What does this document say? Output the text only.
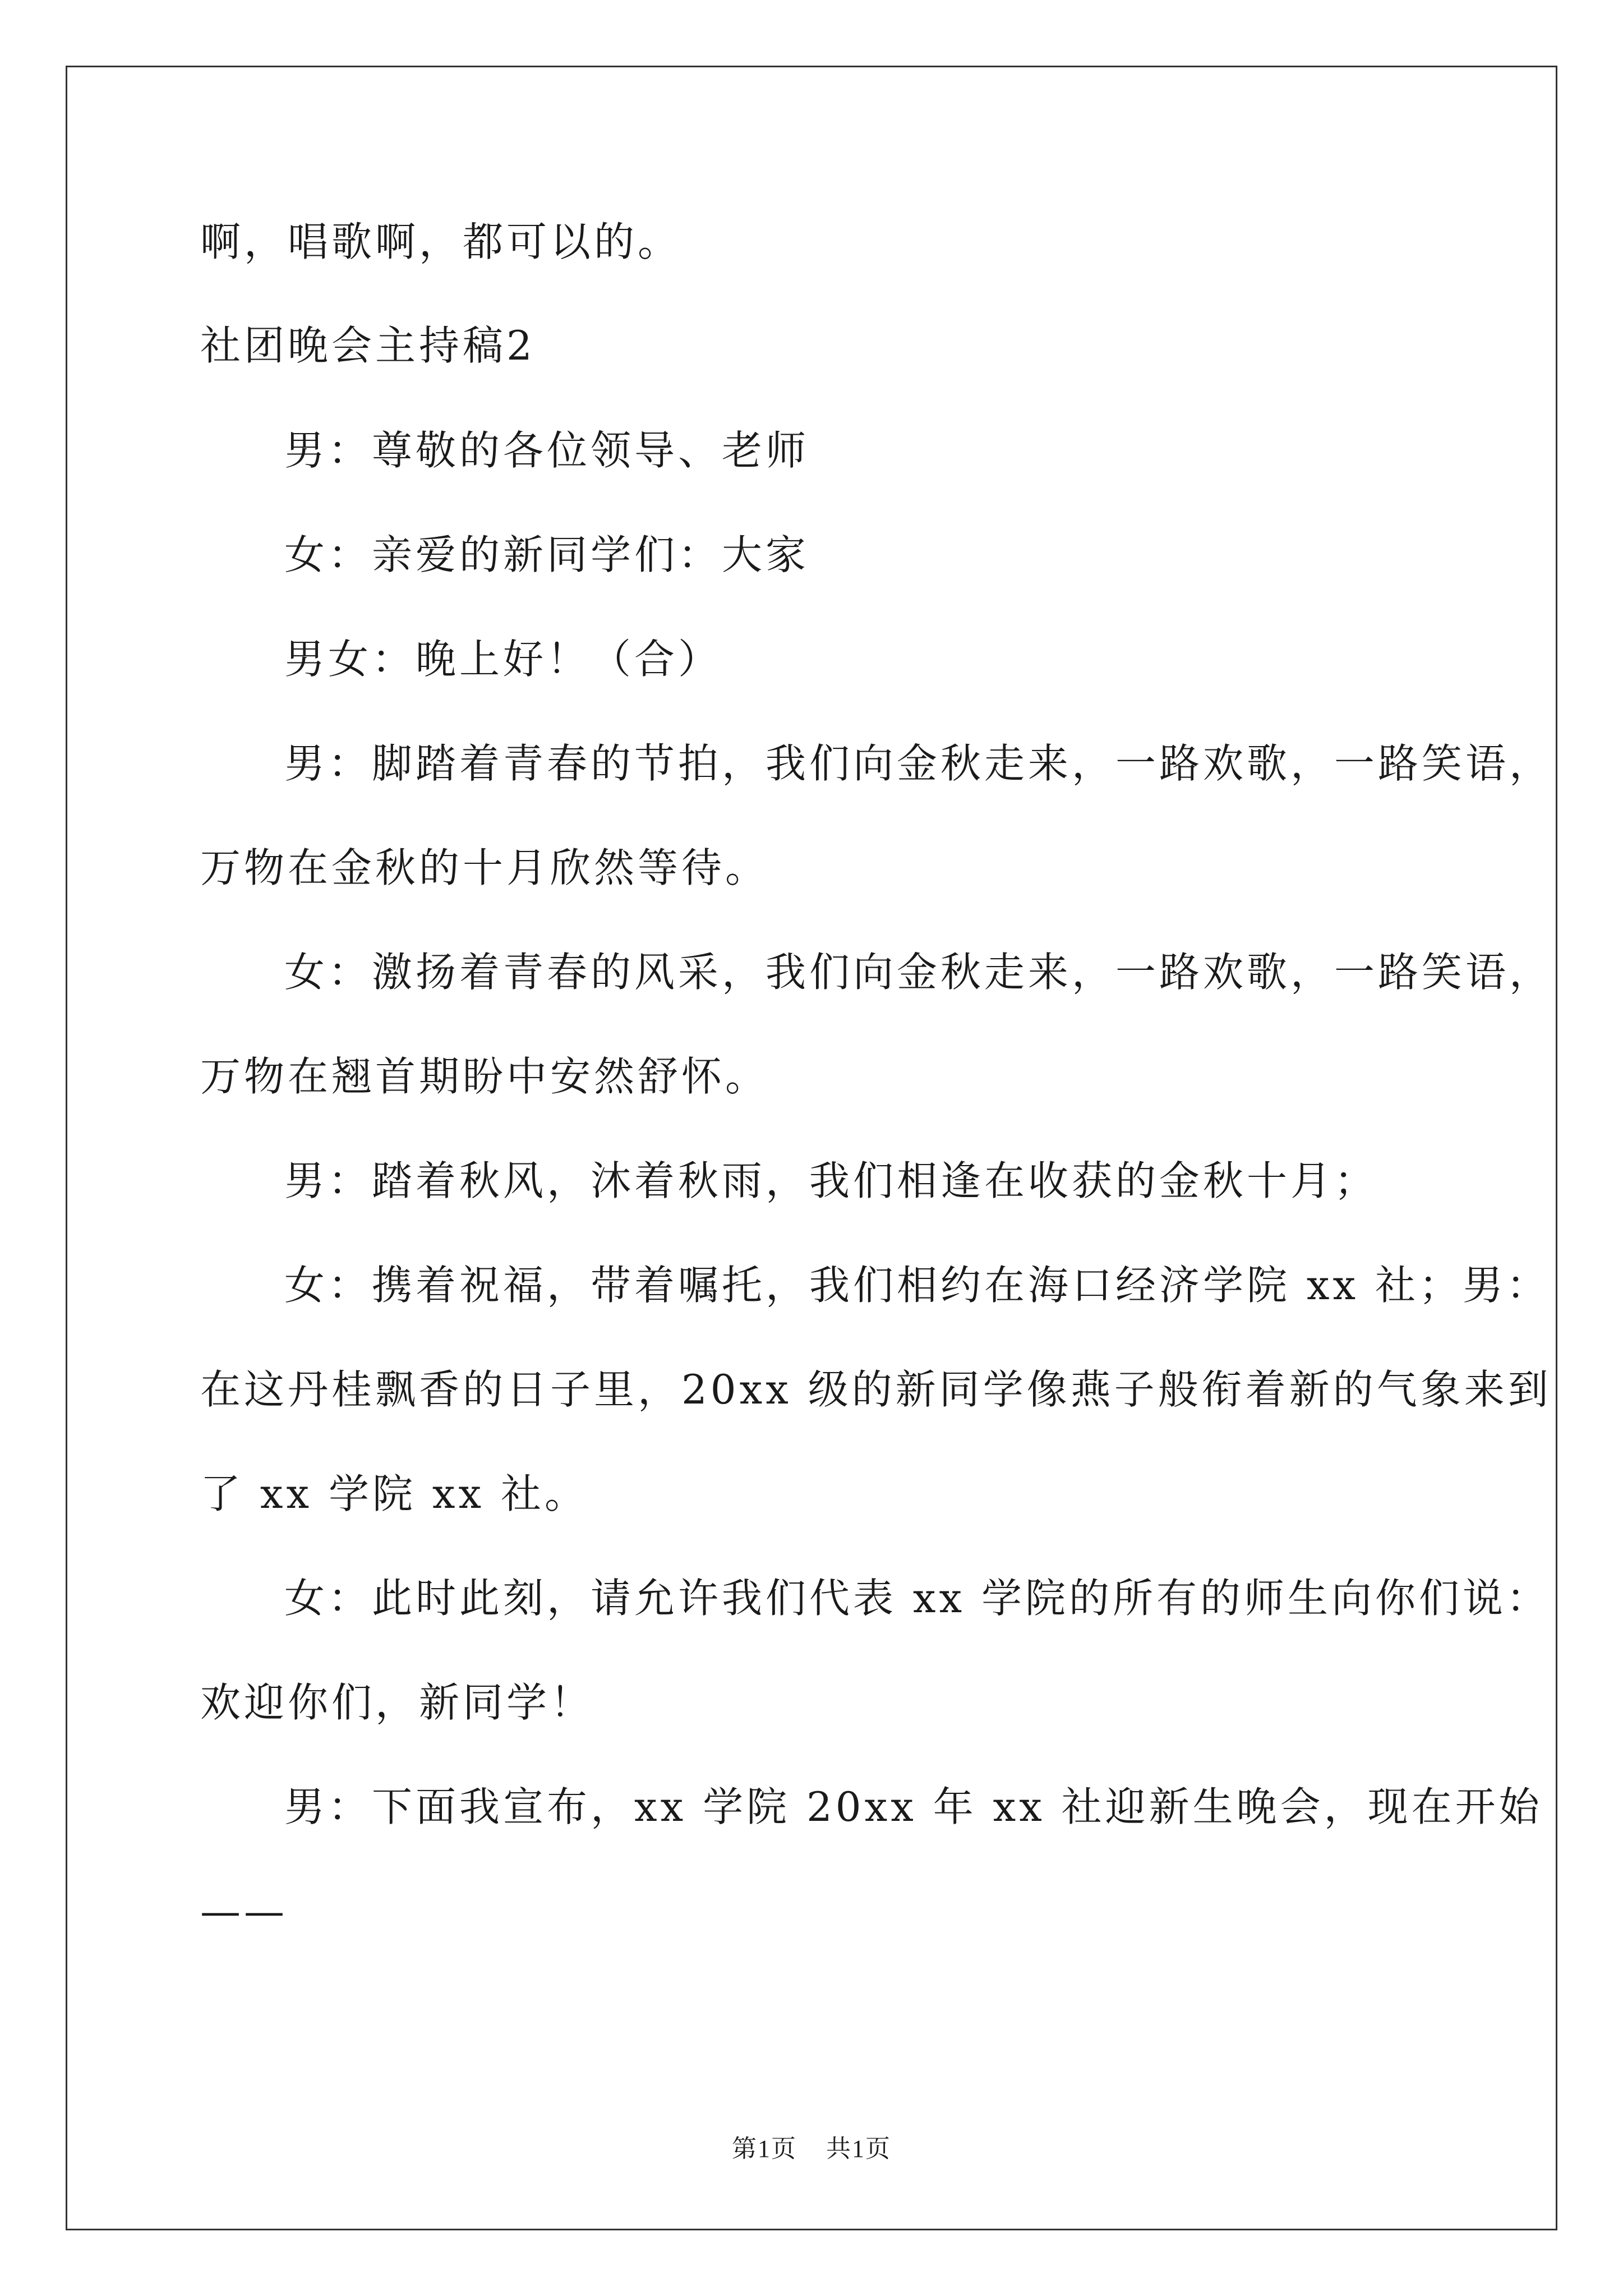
啊，唱歌啊，都可以的。
社团晚会主持稿2
男：尊敬的各位领导、老师
女：亲爱的新同学们：大家
男女：晚上好！（合）
男：脚踏着青春的节拍，我们向金秋走来，一路欢歌，一路笑语，
万物在金秋的十月欣然等待。
女：激扬着青春的风采，我们向金秋走来，一路欢歌，一路笑语，
万物在翘首期盼中安然舒怀。
男：踏着秋风，沐着秋雨，我们相逢在收获的金秋十月；
女：携着祝福，带着嘱托，我们相约在海口经济学院 xx 社；男：
在这丹桂飘香的日子里，20xx 级的新同学像燕子般衔着新的气象来到
了 xx 学院 xx 社。
女：此时此刻，请允许我们代表 xx 学院的所有的师生向你们说：
欢迎你们，新同学！
男：下面我宣布，xx 学院 20xx 年 xx 社迎新生晚会，现在开始
——
第1页 共1页
